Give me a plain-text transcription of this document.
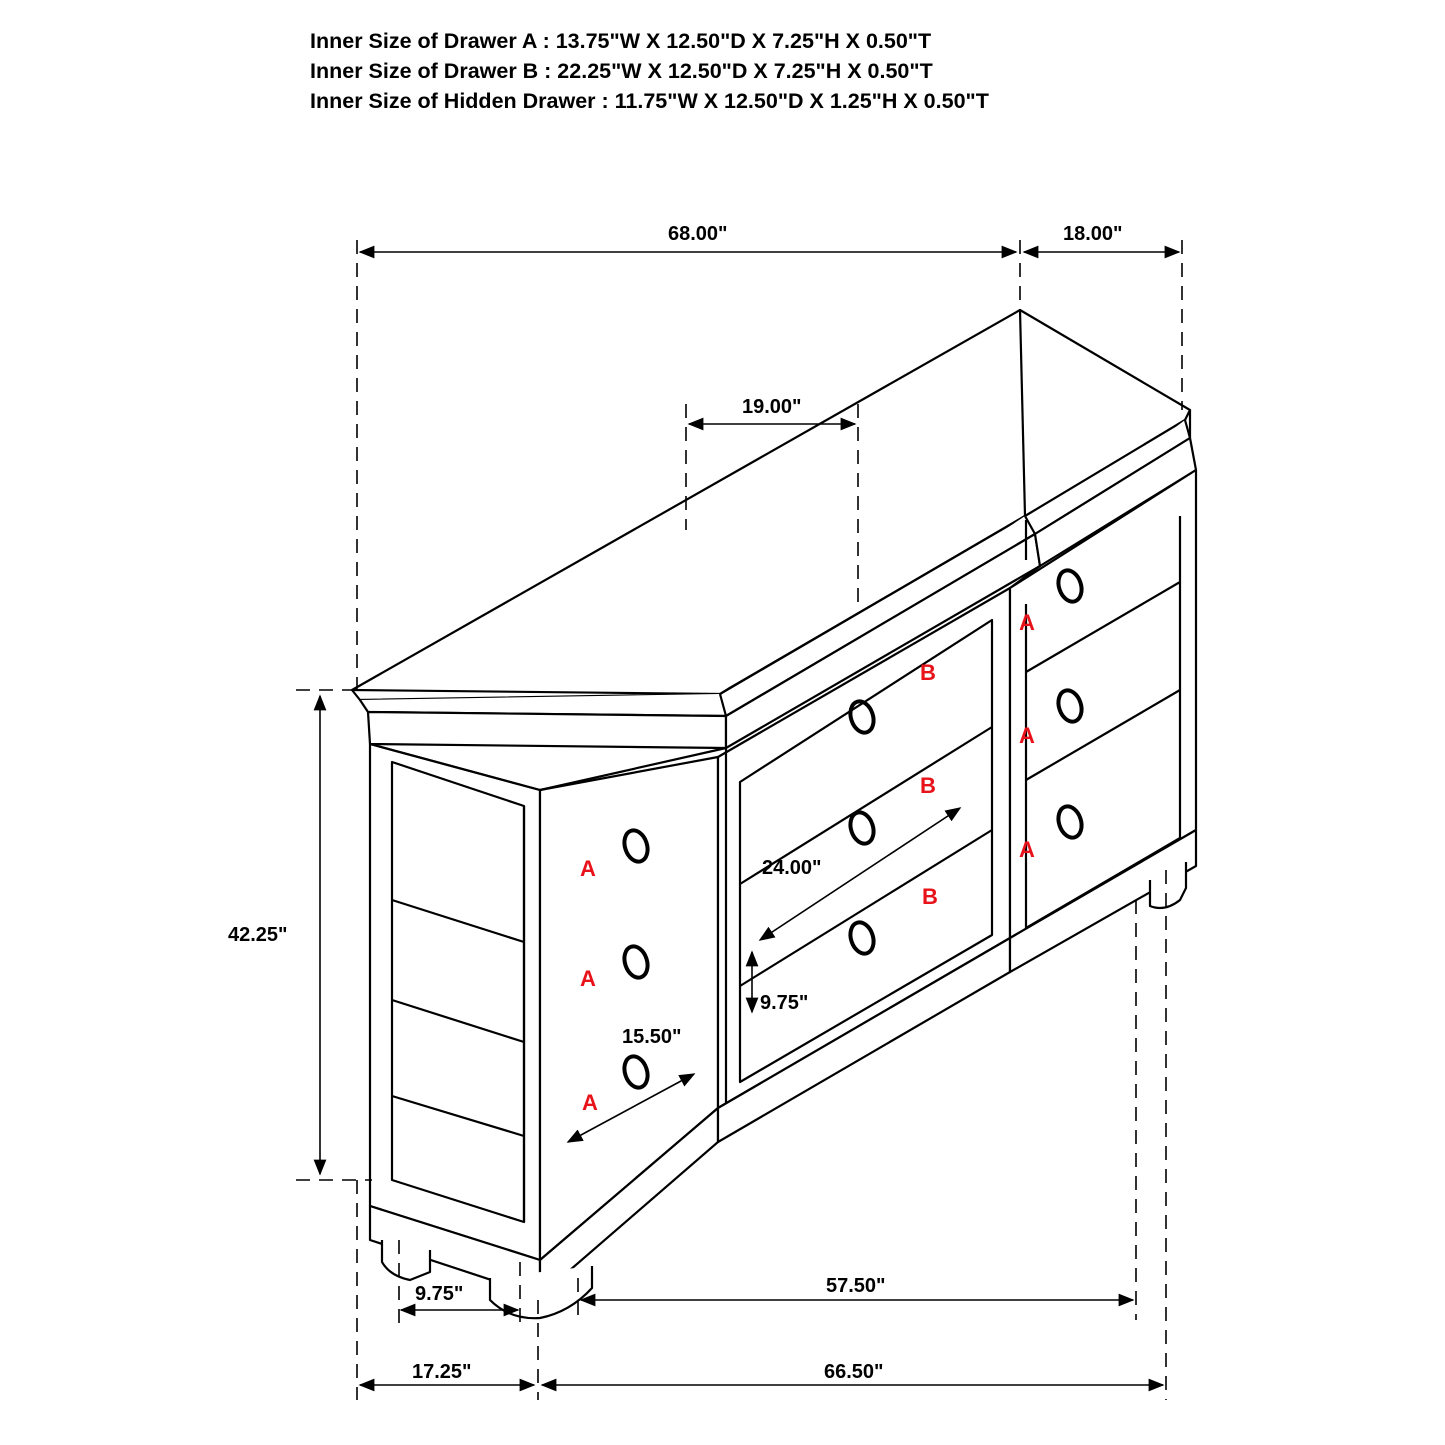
Inner Size of Drawer A : 13.75"W X 12.50"D X 7.25"H X 0.50"T
Inner Size of Drawer B : 22.25"W X 12.50"D X 7.25"H X 0.50"T
Inner Size of Hidden Drawer : 11.75"W X 12.50"D X 1.25"H X 0.50"T
68.00"	18.00"
19.00"
42.25"
24.00"
9.75"
15.50"
9.75"	57.50"
17.25"	66.50"
A
A
A
B
B
B
A
A
A
